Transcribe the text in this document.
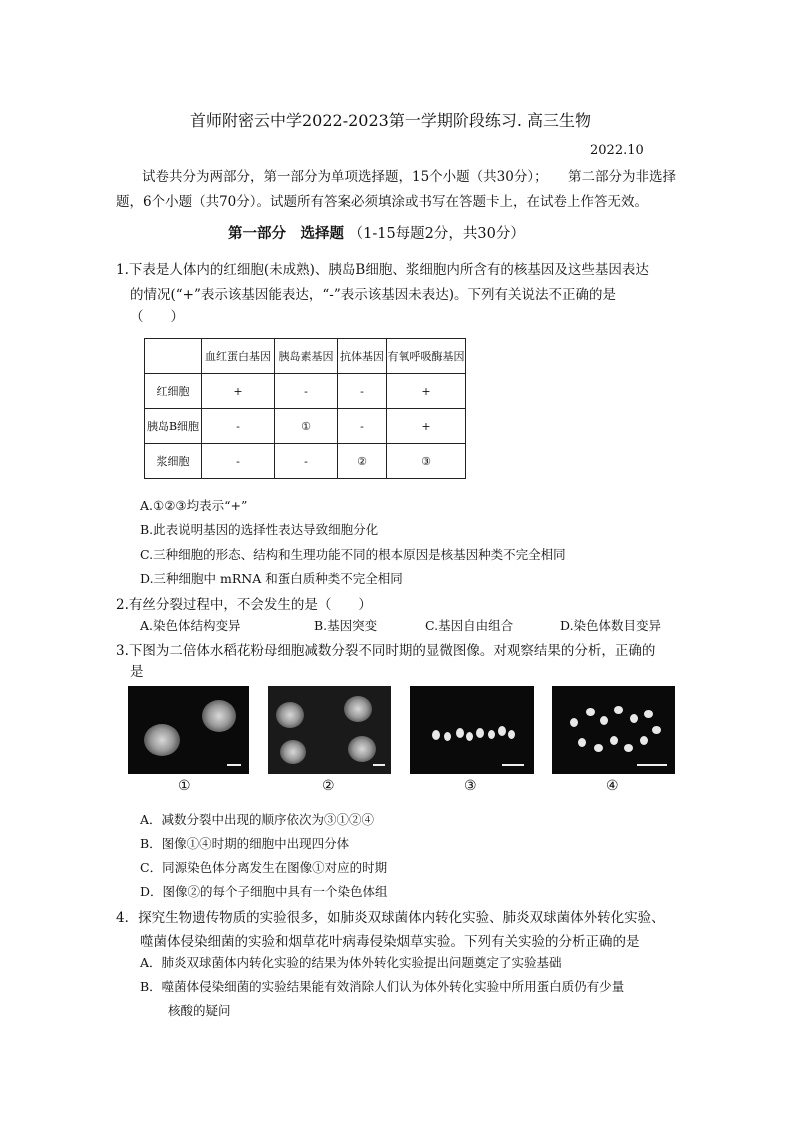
首师附密云中学2022-2023第一学期阶段练习. 高三生物
2022.10
试卷共分为两部分，第一部分为单项选择题，15个小题（共30分）； 第二部分为非选择
题，6个小题（共70分）。试题所有答案必须填涂或书写在答题卡上，在试卷上作答无效。
第一部分　选择题 （1-15每题2分，共30分）
1.下表是人体内的红细胞(未成熟)、胰岛B细胞、浆细胞内所含有的核基因及这些基因表达
的情况(“+”表示该基因能表达，“-”表示该基因未表达)。下列有关说法不正确的是
（　　）
	血红蛋白基因	胰岛素基因	抗体基因	有氧呼吸酶基因
红细胞	+	-	-	+
胰岛B细胞	-	①	-	+
浆细胞	-	-	②	③
A.①②③均表示“+”
B.此表说明基因的选择性表达导致细胞分化
C.三种细胞的形态、结构和生理功能不同的根本原因是核基因种类不完全相同
D.三种细胞中 mRNA 和蛋白质种类不完全相同
2.有丝分裂过程中，不会发生的是（　　）
A.染色体结构变异	B.基因突变	C.基因自由组合	D.染色体数目变异
3.下图为二倍体水稻花粉母细胞减数分裂不同时期的显微图像。对观察结果的分析，正确的
是
①	②	③	④
A．减数分裂中出现的顺序依次为③①②④
B．图像①④时期的细胞中出现四分体
C．同源染色体分离发生在图像①对应的时期
D．图像②的每个子细胞中具有一个染色体组
4．探究生物遗传物质的实验很多，如肺炎双球菌体内转化实验、肺炎双球菌体外转化实验、
噬菌体侵染细菌的实验和烟草花叶病毒侵染烟草实验。下列有关实验的分析正确的是
A．肺炎双球菌体内转化实验的结果为体外转化实验提出问题奠定了实验基础
B．噬菌体侵染细菌的实验结果能有效消除人们认为体外转化实验中所用蛋白质仍有少量
核酸的疑问
